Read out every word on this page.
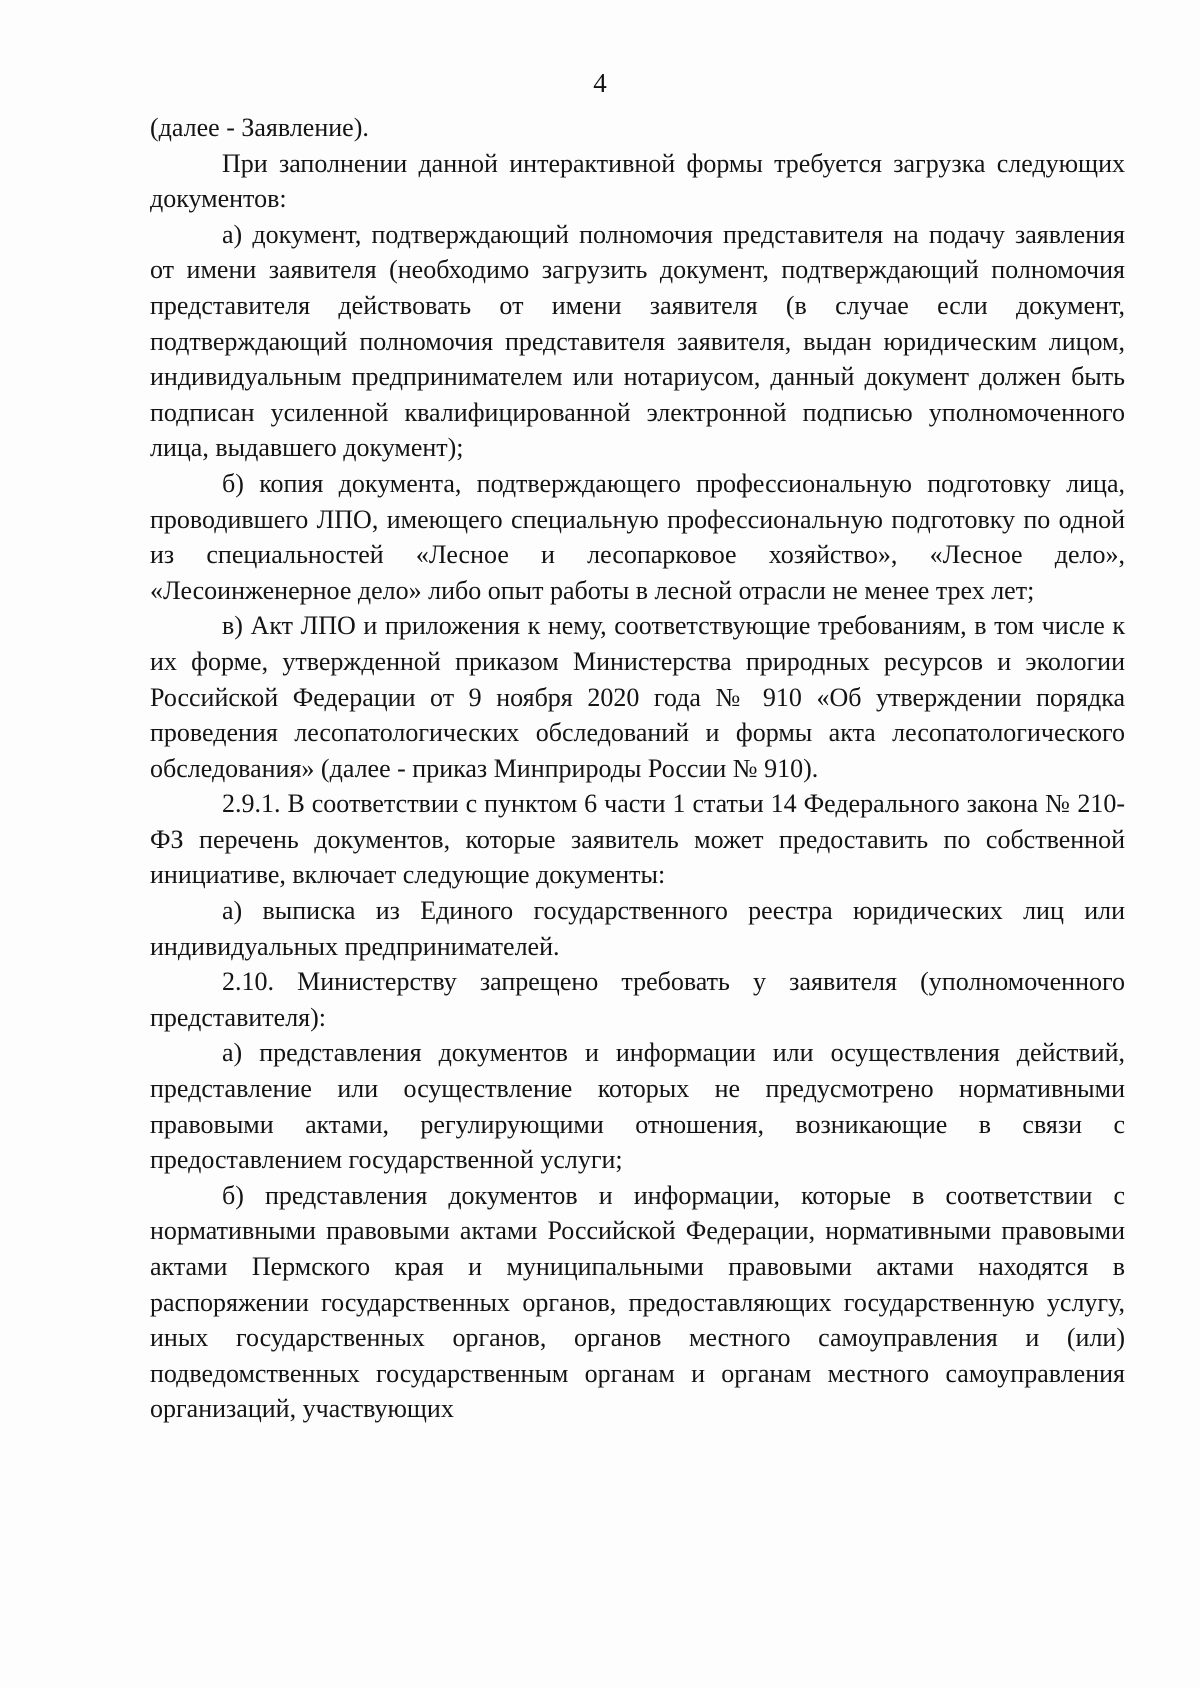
4

(далее - Заявление).

При заполнении данной интерактивной формы требуется загрузка следующих документов:

а) документ, подтверждающий полномочия представителя на подачу заявления от имени заявителя (необходимо загрузить документ, подтверждающий полномочия представителя действовать от имени заявителя (в случае если документ, подтверждающий полномочия представителя заявителя, выдан юридическим лицом, индивидуальным предпринимателем или нотариусом, данный документ должен быть подписан усиленной квалифицированной электронной подписью уполномоченного лица, выдавшего документ);

б) копия документа, подтверждающего профессиональную подготовку лица, проводившего ЛПО, имеющего специальную профессиональную подготовку по одной из специальностей «Лесное и лесопарковое хозяйство», «Лесное дело», «Лесоинженерное дело» либо опыт работы в лесной отрасли не менее трех лет;

в) Акт ЛПО и приложения к нему, соответствующие требованиям, в том числе к их форме, утвержденной приказом Министерства природных ресурсов и экологии Российской Федерации от 9 ноября 2020 года № 910 «Об утверждении порядка проведения лесопатологических обследований и формы акта лесопатологического обследования» (далее - приказ Минприроды России № 910).

2.9.1. В соответствии с пунктом 6 части 1 статьи 14 Федерального закона № 210-ФЗ перечень документов, которые заявитель может предоставить по собственной инициативе, включает следующие документы:

а) выписка из Единого государственного реестра юридических лиц или индивидуальных предпринимателей.

2.10. Министерству запрещено требовать у заявителя (уполномоченного представителя):

а) представления документов и информации или осуществления действий, представление или осуществление которых не предусмотрено нормативными правовыми актами, регулирующими отношения, возникающие в связи с предоставлением государственной услуги;

б) представления документов и информации, которые в соответствии с нормативными правовыми актами Российской Федерации, нормативными правовыми актами Пермского края и муниципальными правовыми актами находятся в распоряжении государственных органов, предоставляющих государственную услугу, иных государственных органов, органов местного самоуправления и (или) подведомственных государственным органам и органам местного самоуправления организаций, участвующих
